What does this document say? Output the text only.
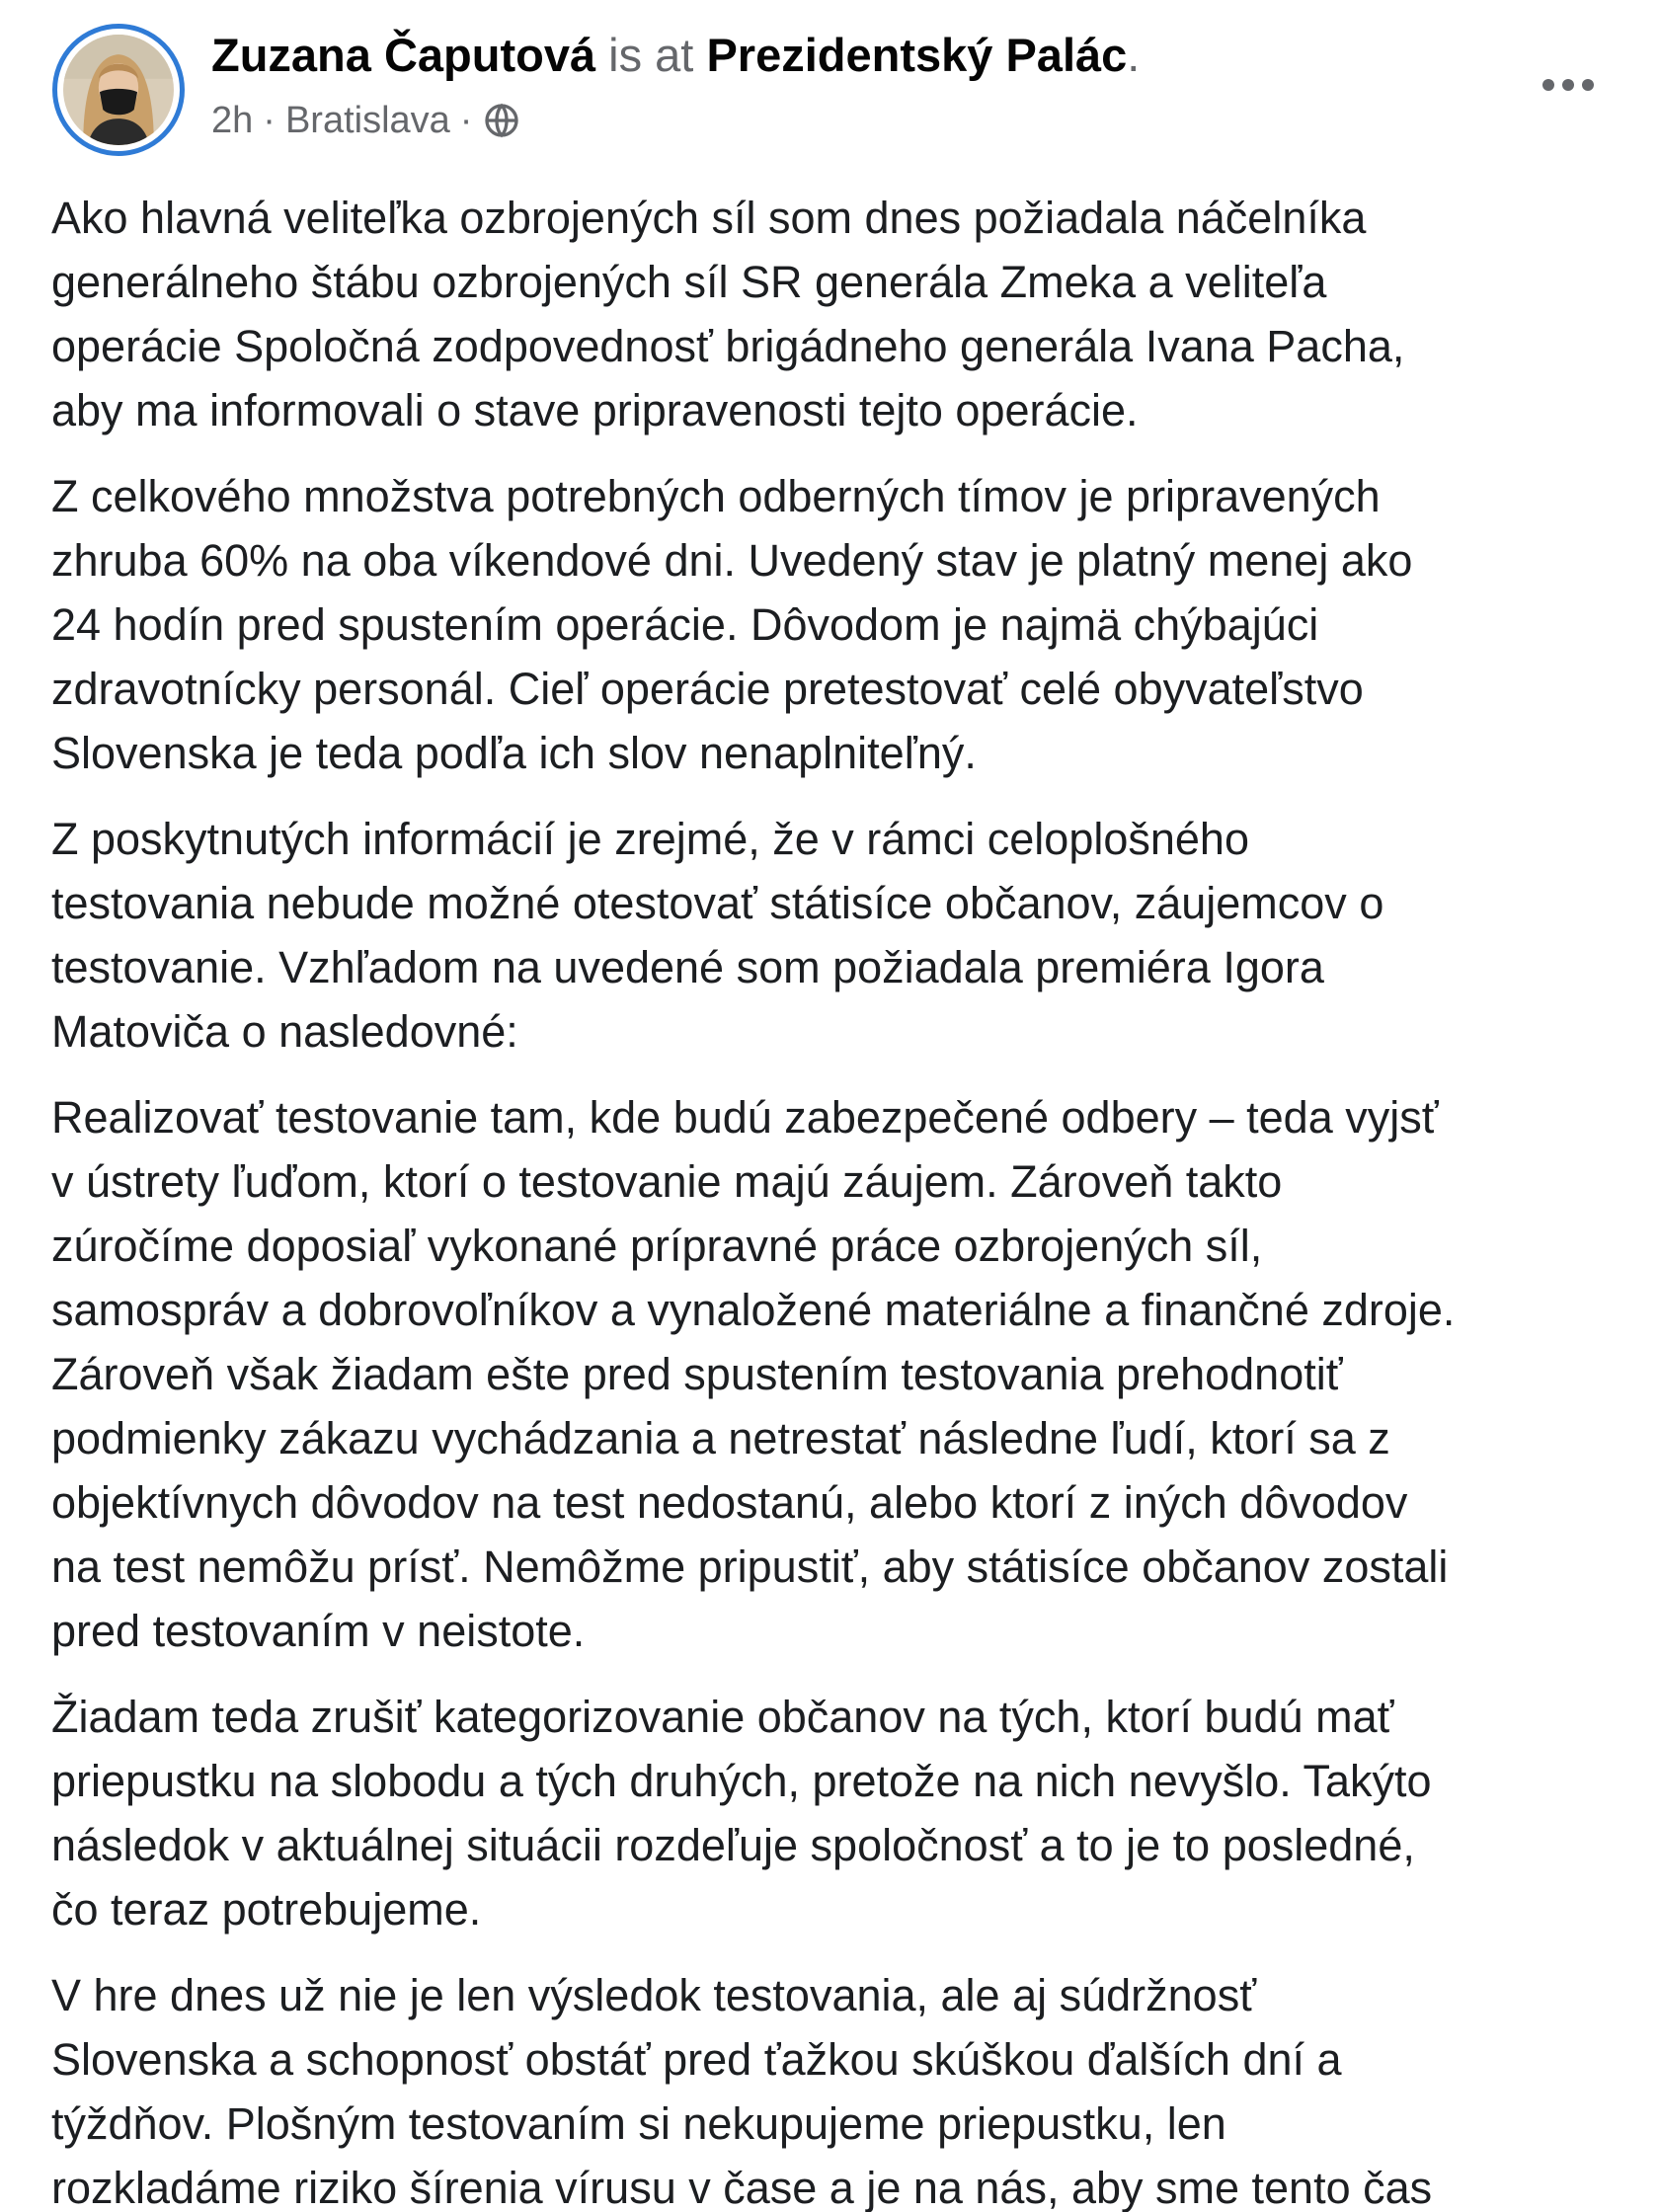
Zuzana Čaputová is at Prezidentský Palác.
2h · Bratislava ·

Ako hlavná veliteľka ozbrojených síl som dnes požiadala náčelníka
generálneho štábu ozbrojených síl SR generála Zmeka a veliteľa
operácie Spoločná zodpovednosť brigádneho generála Ivana Pacha,
aby ma informovali o stave pripravenosti tejto operácie.

Z celkového množstva potrebných odberných tímov je pripravených
zhruba 60% na oba víkendové dni. Uvedený stav je platný menej ako
24 hodín pred spustením operácie. Dôvodom je najmä chýbajúci
zdravotnícky personál. Cieľ operácie pretestovať celé obyvateľstvo
Slovenska je teda podľa ich slov nenaplniteľný.

Z poskytnutých informácií je zrejmé, že v rámci celoplošného
testovania nebude možné otestovať státisíce občanov, záujemcov o
testovanie. Vzhľadom na uvedené som požiadala premiéra Igora
Matoviča o nasledovné:

Realizovať testovanie tam, kde budú zabezpečené odbery – teda vyjsť
v ústrety ľuďom, ktorí o testovanie majú záujem. Zároveň takto
zúročíme doposiaľ vykonané prípravné práce ozbrojených síl,
samospráv a dobrovoľníkov a vynaložené materiálne a finančné zdroje.
Zároveň však žiadam ešte pred spustením testovania prehodnotiť
podmienky zákazu vychádzania a netrestať následne ľudí, ktorí sa z
objektívnych dôvodov na test nedostanú, alebo ktorí z iných dôvodov
na test nemôžu prísť. Nemôžme pripustiť, aby státisíce občanov zostali
pred testovaním v neistote.

Žiadam teda zrušiť kategorizovanie občanov na tých, ktorí budú mať
priepustku na slobodu a tých druhých, pretože na nich nevyšlo. Takýto
následok v aktuálnej situácii rozdeľuje spoločnosť a to je to posledné,
čo teraz potrebujeme.

V hre dnes už nie je len výsledok testovania, ale aj súdržnosť
Slovenska a schopnosť obstáť pred ťažkou skúškou ďalších dní a
týždňov. Plošným testovaním si nekupujeme priepustku, len
rozkladáme riziko šírenia vírusu v čase a je na nás, aby sme tento čas
